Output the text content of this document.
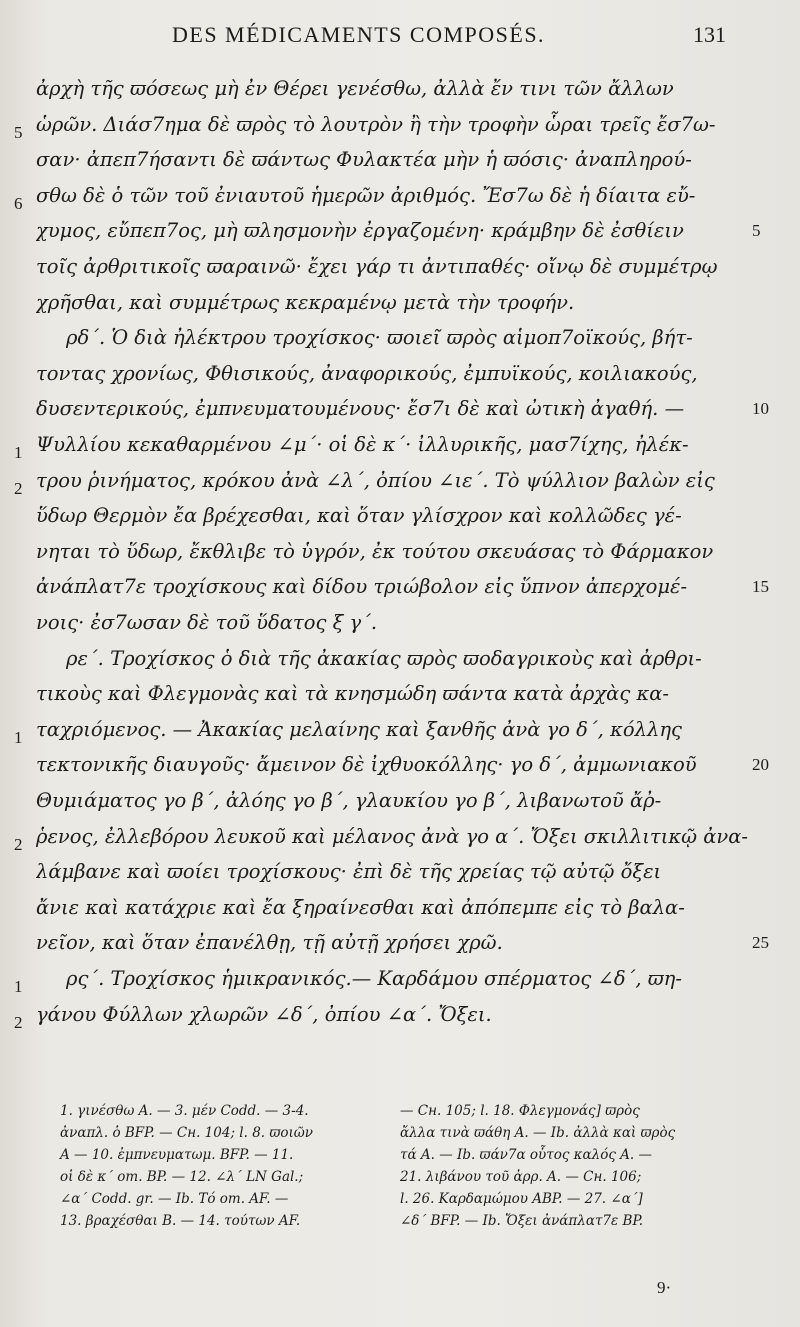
DES MÉDICAMENTS COMPOSÉS.	131
ἀρχὴ τῆς ϖόσεως μὴ ἐν Θέρει γενέσθω, ἀλλὰ ἔν τινι τῶν ἄλλων
ὡρῶν. Διάσ7ημα δὲ ϖρὸς τὸ λουτρὸν ἢ τὴν τροφὴν ὧραι τρεῖς ἔσ7ω-
5
σαν· ἀπεπ7ήσαντι δὲ ϖάντως Φυλακτέα μὴν ἡ ϖόσις· ἀναπληρού-
σθω δὲ ὁ τῶν τοῦ ἐνιαυτοῦ ἡμερῶν ἀριθμός. Ἔσ7ω δὲ ἡ δίαιτα εὔ-
6
χυμος, εὔπεπ7ος, μὴ ϖλησμονὴν ἐργαζομένη· κράμβην δὲ ἐσθίειν	5
τοῖς ἀρθριτικοῖς ϖαραινῶ· ἔχει γάρ τι ἀντιπαθές· οἴνῳ δὲ συμμέτρῳ
χρῆσθαι, καὶ συμμέτρως κεκραμένῳ μετὰ τὴν τροφήν.
ρδ΄. Ὁ διὰ ἠλέκτρου τροχίσκος· ϖοιεῖ ϖρὸς αἱμοπ7οϊκούς, βήτ-
τοντας χρονίως, Φθισικούς, ἀναφορικούς, ἐμπυϊκούς, κοιλιακούς,
δυσεντερικούς, ἐμπνευματουμένους· ἔσ7ι δὲ καὶ ὠτικὴ ἀγαθή. —	10
Ψυλλίου κεκαθαρμένου ∠μ΄· οἱ δὲ κ΄· ἰλλυρικῆς, μασ7ίχης, ἠλέκ-
1
τρου ῥινήματος, κρόκου ἀνὰ ∠λ΄, ὀπίου ∠ιε΄. Τὸ ψύλλιον βαλὼν εἰς
2
ὕδωρ Θερμὸν ἔα βρέχεσθαι, καὶ ὅταν γλίσχρον καὶ κολλῶδες γέ-
νηται τὸ ὕδωρ, ἔκθλιβε τὸ ὑγρόν, ἐκ τούτου σκευάσας τὸ Φάρμακον
ἀνάπλατ7ε τροχίσκους καὶ δίδου τριώβολον εἰς ὕπνον ἀπερχομέ-	15
νοις· ἐσ7ωσαν δὲ τοῦ ὕδατος ξ γ΄.
ρε΄. Τροχίσκος ὁ διὰ τῆς ἀκακίας ϖρὸς ϖοδαγρικοὺς καὶ ἀρθρι-
τικοὺς καὶ Φλεγμονὰς καὶ τὰ κνησμώδη ϖάντα κατὰ ἀρχὰς κα-
ταχριόμενος. — Ἀκακίας μελαίνης καὶ ξανθῆς ἀνὰ γο δ΄, κόλλης
1
τεκτονικῆς διαυγοῦς· ἄμεινον δὲ ἰχθυοκόλλης· γο δ΄, ἀμμωνιακοῦ	20
Θυμιάματος γο β΄, ἀλόης γο β΄, γλαυκίου γο β΄, λιβανωτοῦ ἄῤ-
ῥενος, ἐλλεβόρου λευκοῦ καὶ μέλανος ἀνὰ γο α΄. Ὄξει σκιλλιτικῷ ἀνα-
2
λάμβανε καὶ ϖοίει τροχίσκους· ἐπὶ δὲ τῆς χρείας τῷ αὐτῷ ὄξει
ἄνιε καὶ κατάχριε καὶ ἔα ξηραίνεσθαι καὶ ἀπόπεμπε εἰς τὸ βαλα-
νεῖον, καὶ ὅταν ἐπανέλθῃ, τῇ αὐτῇ χρήσει χρῶ.	25
ρς΄. Τροχίσκος ἡμικρανικός.— Καρδάμου σπέρματος ∠δ΄, ϖη-
1
γάνου Φύλλων χλωρῶν ∠δ΄, ὀπίου ∠α΄. Ὄξει.
2
1. γινέσθω A. — 3. μέν Codd. — 3-4.
ἀναπλ. ὁ BFP. — Cн. 104; l. 8. ϖοιῶν
A — 10. ἐμπνευματωμ. BFP. — 11.
οἱ δὲ κ΄ om. BP. — 12. ∠λ΄ LN Gal.;
∠α΄ Codd. gr. — Ib. Τό om. AF. —
13. βραχέσθαι B. — 14. τούτων AF.
— Cн. 105; l. 18. Φλεγμονάς] ϖρὸς
ἄλλα τινὰ ϖάθη A. — Ib. ἀλλὰ καὶ ϖρὸς
τά A. — Ib. ϖάν7α οὗτος καλός A. —
21. λιβάνου τοῦ ἀρρ. A. — Cн. 106;
l. 26. Καρδαμώμου ABP. — 27. ∠α΄]
∠δ΄ BFP. — Ib. Ὄξει ἀνάπλατ7ε BP.
9·
